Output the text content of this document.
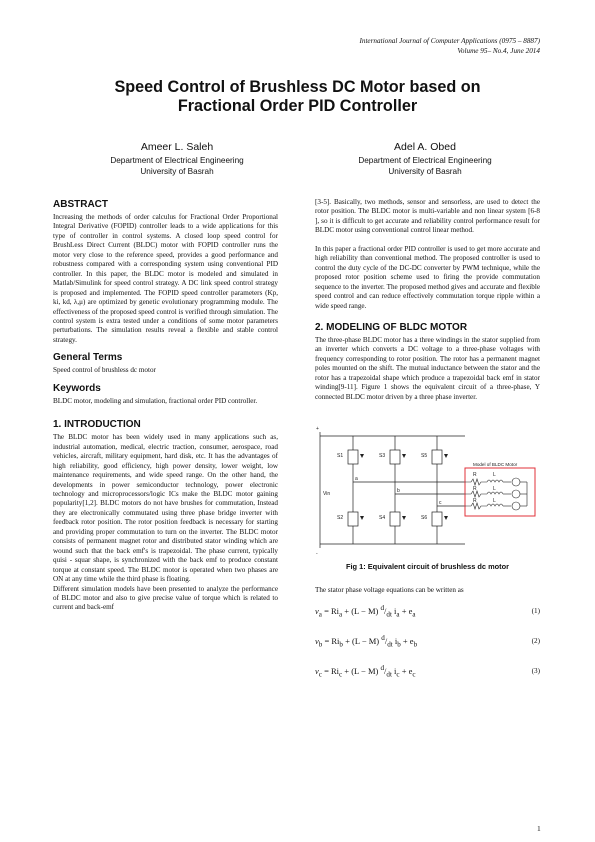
International Journal of Computer Applications (0975 – 8887)
Volume 95– No.4, June 2014
Speed Control of Brushless DC Motor based on
Fractional Order PID Controller
Ameer L. Saleh
Department of Electrical Engineering
University of Basrah
Adel A. Obed
Department of Electrical Engineering
University of Basrah
ABSTRACT

Increasing the methods of order calculus for Fractional Order Proportional Integral Derivative (FOPID) controller leads to a wide applications for this type of controller in control systems. A closed loop speed control for BrushLess Direct Current (BLDC) motor with FOPID controller runs the motor very close to the reference speed, provides a good performance and robustness compared with a corresponding system using conventional PID controller. In this paper, the BLDC motor is modeled and simulated in Matlab/Simulink for speed control strategy. A DC link speed control strategy is proposed and implemented. The FOPID speed controller parameters (Kp, ki, kd, λ,μ) are optimized by genetic evolutionary programming module. The effectiveness of the proposed speed control is verified through simulation. The control system is extra tested under a conditions of some motor parameters perturbations. The simulation results reveal a flexible and stable control strategy.

General Terms

Speed control of brushless dc motor

Keywords

BLDC motor, modeling and simulation, fractional order PID controller.

1. INTRODUCTION

The BLDC motor has been widely used in many applications such as, industrial automation, medical, electric traction, consumer, aerospace, road vehicles, aircraft, military equipment, hard disk, etc. It has the advantages of high reliability, good efficiency, high power density, lower weight, low maintenance requirements, and wide speed range. On the other hand, the developments in power semiconductor technology, power electronic technology and microprocessors/logic ICs make the BLDC motor gaining popularity[1,2]. BLDC motors do not have brushes for commutation, Instead they are electronically commutated using three phase bridge inverter with feedback rotor position. The rotor position feedback is necessary for starting and providing proper commutation to turn on the inverter. The BLDC motor consists of permanent magnet rotor and distributed stator winding which are wound such that the back emf's is trapezoidal. The phase current, typically quisi - squar shape, is synchronized with the back emf to produce constant torque at constant speed. The BLDC motor is operated when two phases are ON at any time while the third phase is floating.

Different simulation models have been presented to analyze the performance of BLDC motor and also to give precise value of torque which is related to current and back-emf

[3-5]. Basically, two methods, sensor and sensorless, are used to detect the rotor position. The BLDC motor is multi-variable and non linear system [6-8 ], so it is difficult to get accurate and reliability control performance result for BLDC motor using conventional control linear method.

In this paper a fractional order PID controller is used to get more accurate and high reliability than conventional method. The proposed controller is used to control the duty cycle of the DC-DC converter by PWM technique, while the proposed rotor position scheme used to firing the provide commutation sequence to the inverter. The proposed method gives and accurate and flexible speed control and can reduce effectively commutation torque ripple within a wide speed range.

2. MODELING OF BLDC MOTOR

The three-phase BLDC motor has a three windings in the stator supplied from an inverter which converts a DC voltage to a three-phase voltages with frequency corresponding to rotor position. The rotor has a permanent magnet poles mounted on the shift. The mutual inductance between the stator and the rotor has a trapezoidal shape which produce a trapezoidal back emf in stator winding[9-11]. Figure 1 shows the equivalent circuit of a three-phase, Y connected BLDC motor driven by a three phase inverter.

+
-
Vin
S1	S3	S5
S2	S4	S6
a
b
c
R	L
R	L
R	L
Model of BLDC Motor
Fig 1: Equivalent circuit of brushless dc motor

The stator phase voltage equations can be written as

$v_a = Ri_a + (L - M)$ $^d/_{dt}$ $i_a + e_a$	(1)
$v_b = Ri_b + (L - M)$ $^d/_{dt}$ $i_b + e_b$	(2)
$v_c = Ri_c + (L - M)$ $^d/_{dt}$ $i_c + e_c$	(3)
1
